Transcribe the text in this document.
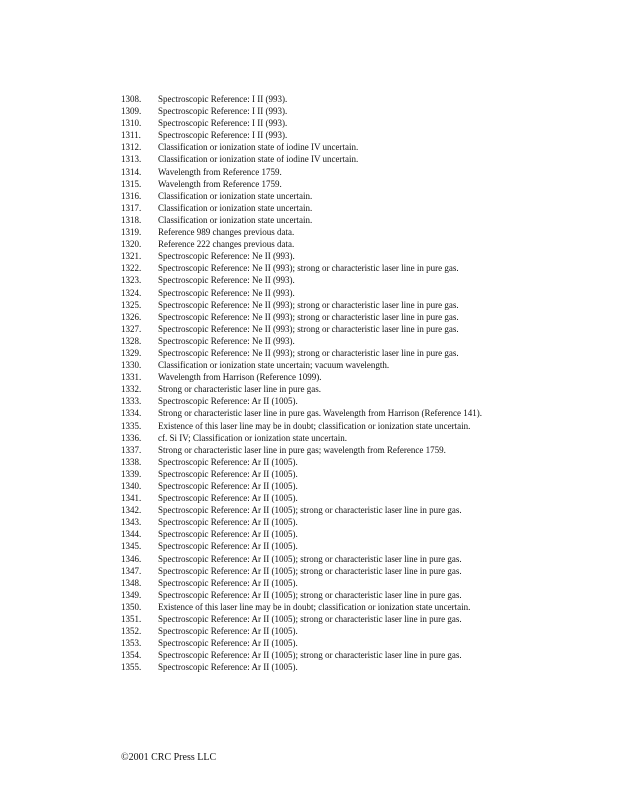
1308.	Spectroscopic Reference: I II (993).
1309.	Spectroscopic Reference: I II (993).
1310.	Spectroscopic Reference: I II (993).
1311.	Spectroscopic Reference: I II (993).
1312.	Classification or ionization state of iodine IV uncertain.
1313.	Classification or ionization state of iodine IV uncertain.
1314.	Wavelength from Reference 1759.
1315.	Wavelength from Reference 1759.
1316.	Classification or ionization state uncertain.
1317.	Classification or ionization state uncertain.
1318.	Classification or ionization state uncertain.
1319.	Reference 989 changes previous data.
1320.	Reference 222 changes previous data.
1321.	Spectroscopic Reference: Ne II (993).
1322.	Spectroscopic Reference: Ne II (993); strong or characteristic laser line in pure gas.
1323.	Spectroscopic Reference: Ne II (993).
1324.	Spectroscopic Reference: Ne II (993).
1325.	Spectroscopic Reference: Ne II (993); strong or characteristic laser line in pure gas.
1326.	Spectroscopic Reference: Ne II (993); strong or characteristic laser line in pure gas.
1327.	Spectroscopic Reference: Ne II (993); strong or characteristic laser line in pure gas.
1328.	Spectroscopic Reference: Ne II (993).
1329.	Spectroscopic Reference: Ne II (993); strong or characteristic laser line in pure gas.
1330.	Classification or ionization state uncertain; vacuum wavelength.
1331.	Wavelength from Harrison (Reference 1099).
1332.	Strong or characteristic laser line in pure gas.
1333.	Spectroscopic Reference: Ar II (1005).
1334.	Strong or characteristic laser line in pure gas. Wavelength from Harrison (Reference 141).
1335.	Existence of this laser line may be in doubt; classification or ionization state uncertain.
1336.	cf. Si IV; Classification or ionization state uncertain.
1337.	Strong or characteristic laser line in pure gas; wavelength from Reference 1759.
1338.	Spectroscopic Reference: Ar II (1005).
1339.	Spectroscopic Reference: Ar II (1005).
1340.	Spectroscopic Reference: Ar II (1005).
1341.	Spectroscopic Reference: Ar II (1005).
1342.	Spectroscopic Reference: Ar II (1005); strong or characteristic laser line in pure gas.
1343.	Spectroscopic Reference: Ar II (1005).
1344.	Spectroscopic Reference: Ar II (1005).
1345.	Spectroscopic Reference: Ar II (1005).
1346.	Spectroscopic Reference: Ar II (1005); strong or characteristic laser line in pure gas.
1347.	Spectroscopic Reference: Ar II (1005); strong or characteristic laser line in pure gas.
1348.	Spectroscopic Reference: Ar II (1005).
1349.	Spectroscopic Reference: Ar II (1005); strong or characteristic laser line in pure gas.
1350.	Existence of this laser line may be in doubt; classification or ionization state uncertain.
1351.	Spectroscopic Reference: Ar II (1005); strong or characteristic laser line in pure gas.
1352.	Spectroscopic Reference: Ar II (1005).
1353.	Spectroscopic Reference: Ar II (1005).
1354.	Spectroscopic Reference: Ar II (1005); strong or characteristic laser line in pure gas.
1355.	Spectroscopic Reference: Ar II (1005).
©2001 CRC Press LLC
